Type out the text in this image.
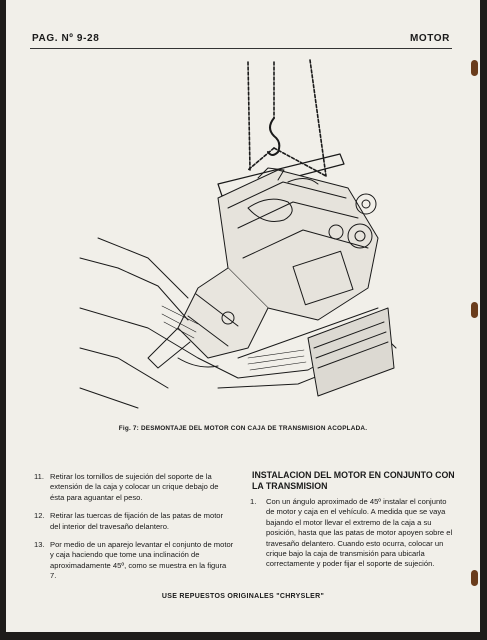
PAG. Nº 9-28	MOTOR
Fig. 7: DESMONTAJE DEL MOTOR CON CAJA DE TRANSMISION ACOPLADA.
11. Retirar los tornillos de sujeción del soporte de la extensión de la caja y colocar un crique debajo de ésta para aguantar el peso.
12. Retirar las tuercas de fijación de las patas de motor del interior del travesaño delantero.
13. Por medio de un aparejo levantar el conjunto de motor y caja haciendo que tome una inclinación de aproximadamente 45º, como se muestra en la figura 7.
INSTALACION DEL MOTOR EN CONJUNTO CON LA TRANSMISION
1. Con un ángulo aproximado de 45º instalar el conjunto de motor y caja en el vehículo. A medida que se vaya bajando el motor llevar el extremo de la caja a su posición, hasta que las patas de motor apoyen sobre el travesaño delantero. Cuando esto ocurra, colocar un crique bajo la caja de transmisión para ubicarla correctamente y poder fijar el soporte de sujeción.
USE REPUESTOS ORIGINALES "CHRYSLER"
